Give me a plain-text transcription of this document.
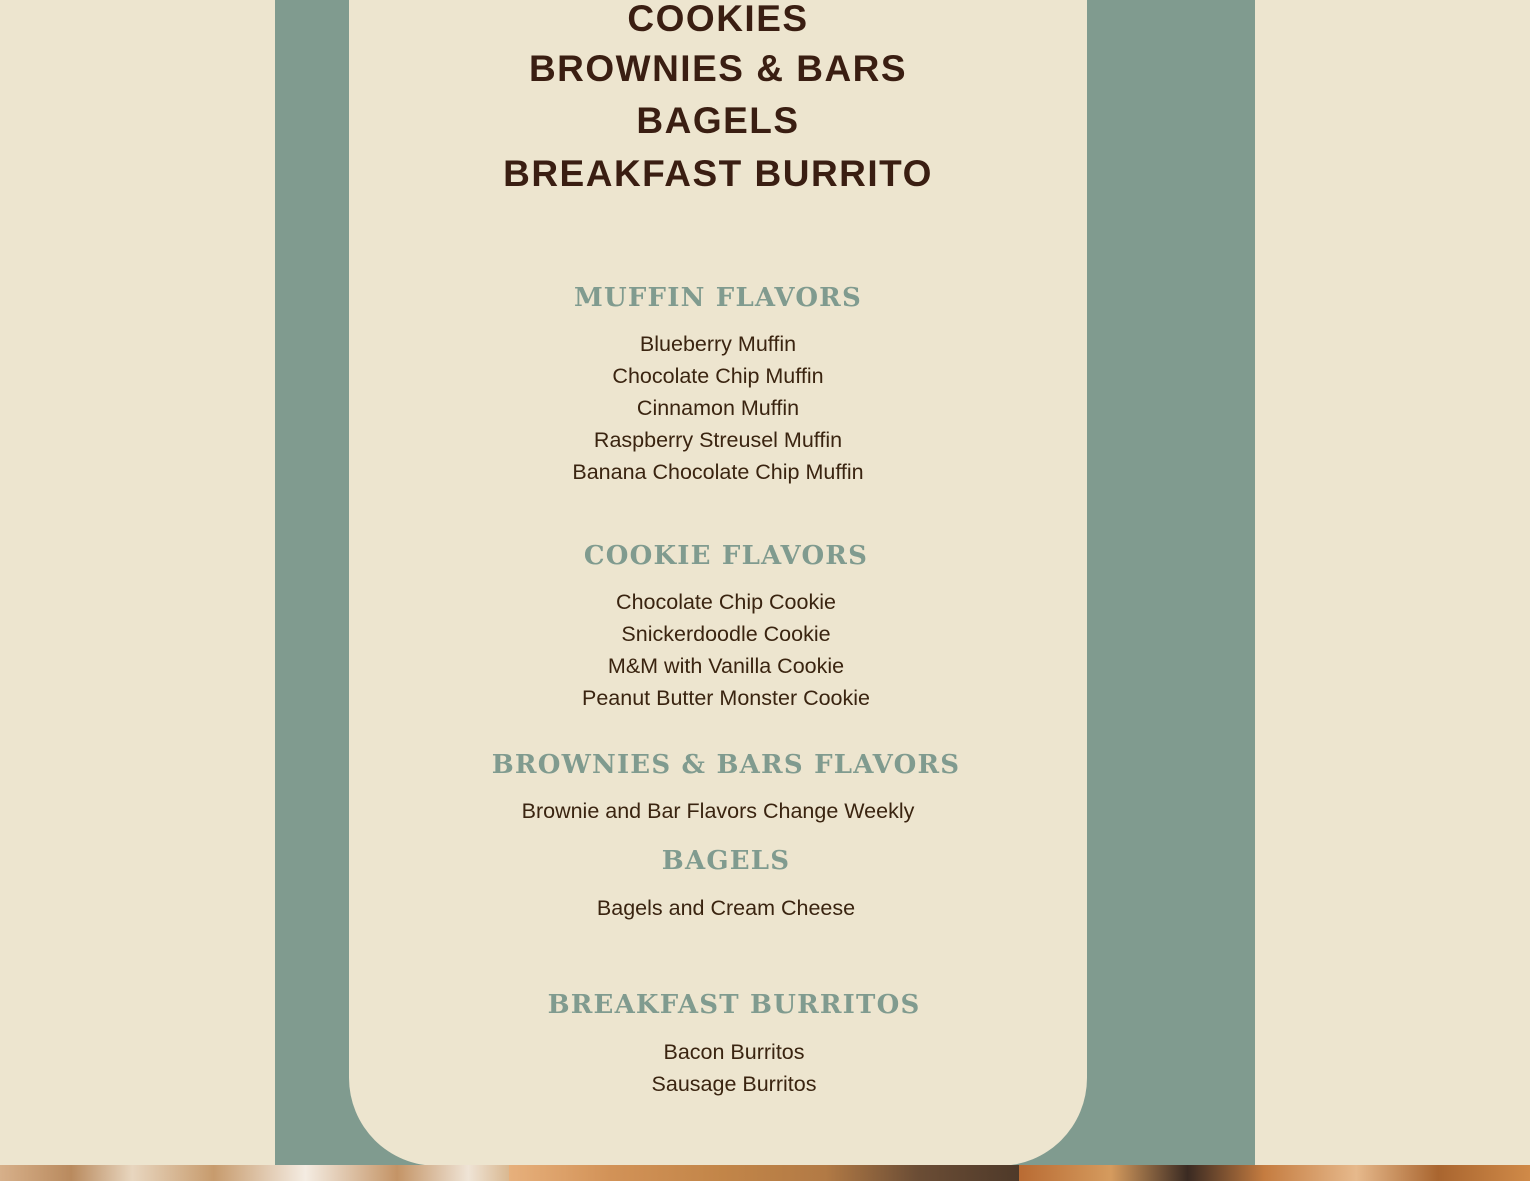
COOKIES
BROWNIES & BARS
BAGELS
BREAKFAST BURRITO
MUFFIN FLAVORS
Blueberry Muffin
Chocolate Chip Muffin
Cinnamon Muffin
Raspberry Streusel Muffin
Banana Chocolate Chip Muffin
COOKIE FLAVORS
Chocolate Chip Cookie
Snickerdoodle Cookie
M&M with Vanilla Cookie
Peanut Butter Monster Cookie
BROWNIES & BARS FLAVORS
Brownie and Bar Flavors Change Weekly
BAGELS
Bagels and Cream Cheese
BREAKFAST BURRITOS
Bacon Burritos
Sausage Burritos
